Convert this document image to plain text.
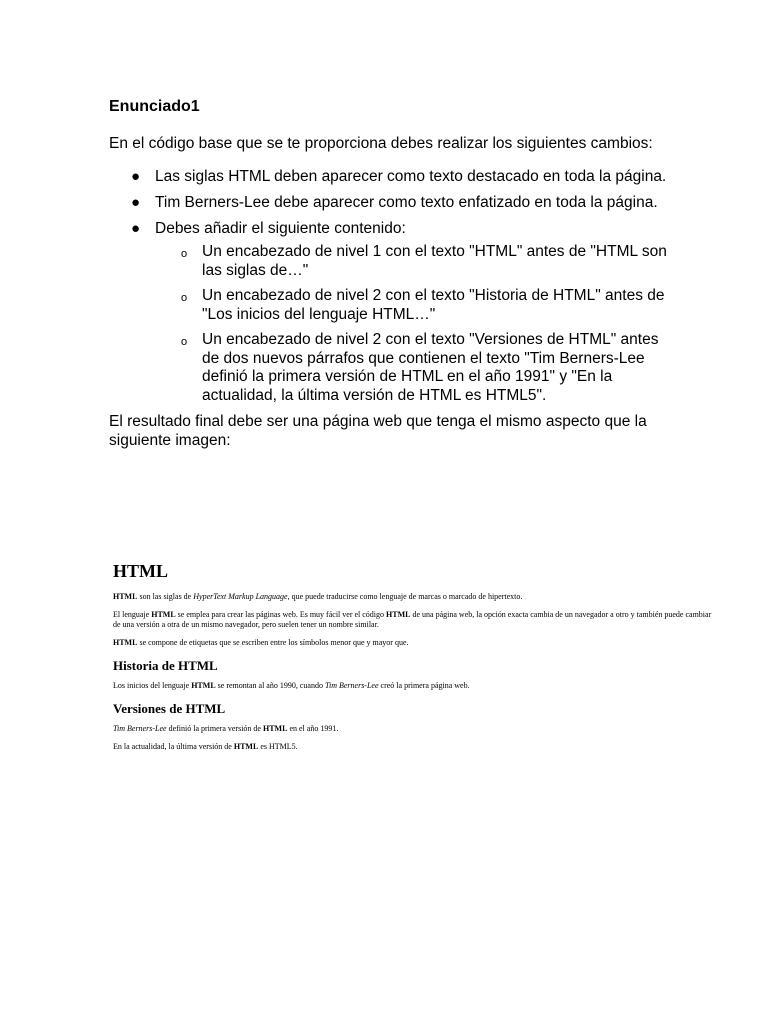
Enunciado1

En el código base que se te proporciona debes realizar los siguientes cambios:

● Las siglas HTML deben aparecer como texto destacado en toda la página.
● Tim Berners-Lee debe aparecer como texto enfatizado en toda la página.
● Debes añadir el siguiente contenido:
o Un encabezado de nivel 1 con el texto "HTML" antes de "HTML son las siglas de…"
o Un encabezado de nivel 2 con el texto "Historia de HTML" antes de "Los inicios del lenguaje HTML…"
o Un encabezado de nivel 2 con el texto "Versiones de HTML" antes de dos nuevos párrafos que contienen el texto "Tim Berners-Lee definió la primera versión de HTML en el año 1991" y "En la actualidad, la última versión de HTML es HTML5".

El resultado final debe ser una página web que tenga el mismo aspecto que la siguiente imagen:

HTML

HTML son las siglas de HyperText Markup Language, que puede traducirse como lenguaje de marcas o marcado de hipertexto.

El lenguaje HTML se emplea para crear las páginas web. Es muy fácil ver el código HTML de una página web, la opción exacta cambia de un navegador a otro y también puede cambiar de una versión a otra de un mismo navegador, pero suelen tener un nombre similar.

HTML se compone de etiquetas que se escriben entre los símbolos menor que y mayor que.

Historia de HTML

Los inicios del lenguaje HTML se remontan al año 1990, cuando Tim Berners-Lee creó la primera página web.

Versiones de HTML

Tim Berners-Lee definió la primera versión de HTML en el año 1991.

En la actualidad, la última versión de HTML es HTML5.
